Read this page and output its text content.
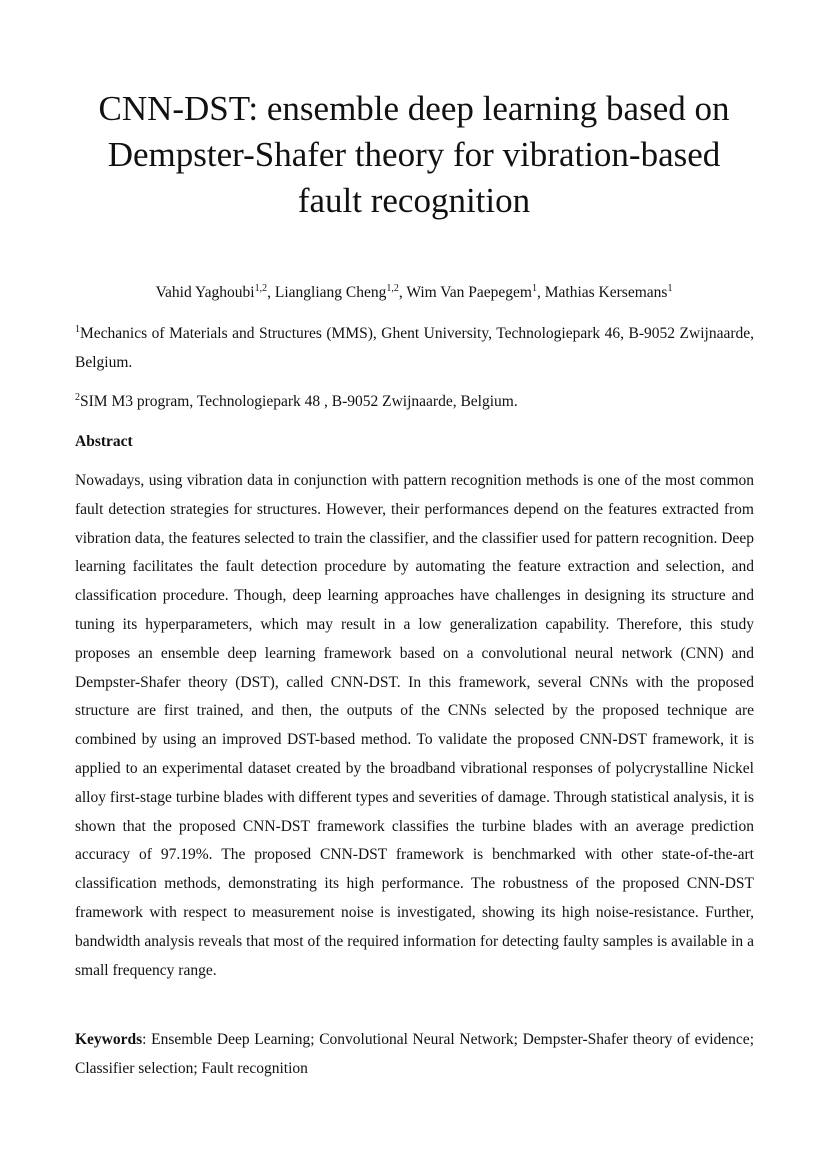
CNN-DST: ensemble deep learning based on
Dempster-Shafer theory for vibration-based
fault recognition

Vahid Yaghoubi$^{1,2}$, Liangliang Cheng$^{1,2}$, Wim Van Paepegem$^1$, Mathias Kersemans$^1$

$^1$Mechanics of Materials and Structures (MMS), Ghent University, Technologiepark 46, B-9052 Zwijnaarde, Belgium.

$^2$SIM M3 program, Technologiepark 48 , B-9052 Zwijnaarde, Belgium.

Abstract

Nowadays, using vibration data in conjunction with pattern recognition methods is one of the most common fault detection strategies for structures. However, their performances depend on the features extracted from vibration data, the features selected to train the classifier, and the classifier used for pattern recognition. Deep learning facilitates the fault detection procedure by automating the feature extraction and selection, and classification procedure. Though, deep learning approaches have challenges in designing its structure and tuning its hyperparameters, which may result in a low generalization capability. Therefore, this study proposes an ensemble deep learning framework based on a convolutional neural network (CNN) and Dempster-Shafer theory (DST), called CNN-DST. In this framework, several CNNs with the proposed structure are first trained, and then, the outputs of the CNNs selected by the proposed technique are combined by using an improved DST-based method. To validate the proposed CNN-DST framework, it is applied to an experimental dataset created by the broadband vibrational responses of polycrystalline Nickel alloy first-stage turbine blades with different types and severities of damage. Through statistical analysis, it is shown that the proposed CNN-DST framework classifies the turbine blades with an average prediction accuracy of 97.19%. The proposed CNN-DST framework is benchmarked with other state-of-the-art classification methods, demonstrating its high performance. The robustness of the proposed CNN-DST framework with respect to measurement noise is investigated, showing its high noise-resistance. Further, bandwidth analysis reveals that most of the required information for detecting faulty samples is available in a small frequency range.

Keywords: Ensemble Deep Learning; Convolutional Neural Network; Dempster-Shafer theory of evidence; Classifier selection; Fault recognition
